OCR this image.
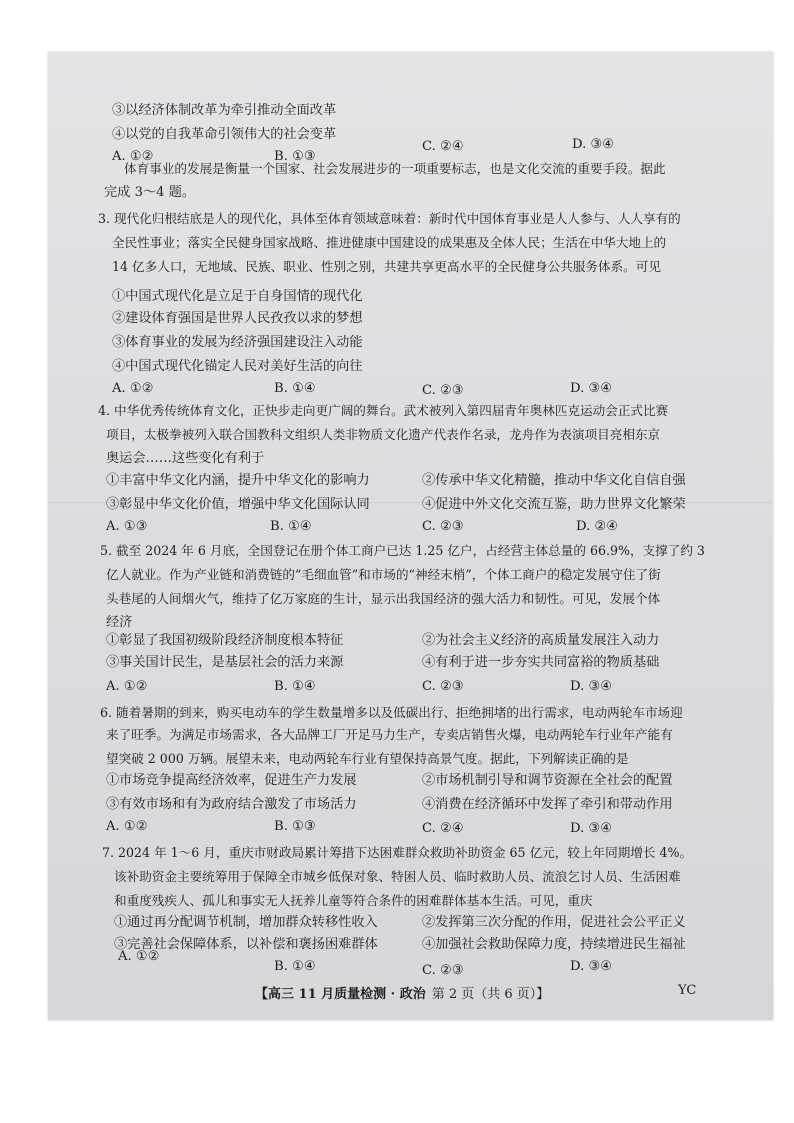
③以经济体制改革为牵引推动全面改革
④以党的自我革命引领伟大的社会变革
A. ①②	B. ①③
C. ②④	D. ③④
体育事业的发展是衡量一个国家、社会发展进步的一项重要标志，也是文化交流的重要手段。据此
完成 3～4 题。
3. 现代化归根结底是人的现代化，具体至体育领域意味着：新时代中国体育事业是人人参与、人人享有的
全民性事业；落实全民健身国家战略、推进健康中国建设的成果惠及全体人民；生活在中华大地上的
14 亿多人口，无地域、民族、职业、性别之别，共建共享更高水平的全民健身公共服务体系。可见
①中国式现代化是立足于自身国情的现代化
②建设体育强国是世界人民孜孜以求的梦想
③体育事业的发展为经济强国建设注入动能
④中国式现代化锚定人民对美好生活的向往
A. ①②	B. ①④	C. ②③	D. ③④
4. 中华优秀传统体育文化，正快步走向更广阔的舞台。武术被列入第四届青年奥林匹克运动会正式比赛
项目，太极拳被列入联合国教科文组织人类非物质文化遗产代表作名录，龙舟作为表演项目亮相东京
奥运会……这些变化有利于
①丰富中华文化内涵，提升中华文化的影响力	②传承中华文化精髓，推动中华文化自信自强
③彰显中华文化价值，增强中华文化国际认同	④促进中外文化交流互鉴，助力世界文化繁荣
A. ①③	B. ①④	C. ②③	D. ②④
5. 截至 2024 年 6 月底，全国登记在册个体工商户已达 1.25 亿户，占经营主体总量的 66.9%，支撑了约 3
亿人就业。作为产业链和消费链的“毛细血管”和市场的“神经末梢”，个体工商户的稳定发展守住了街
头巷尾的人间烟火气，维持了亿万家庭的生计，显示出我国经济的强大活力和韧性。可见，发展个体
经济
①彰显了我国初级阶段经济制度根本特征	②为社会主义经济的高质量发展注入动力
③事关国计民生，是基层社会的活力来源	④有利于进一步夯实共同富裕的物质基础
A. ①②	B. ①④	C. ②③	D. ③④
6. 随着暑期的到来，购买电动车的学生数量增多以及低碳出行、拒绝拥堵的出行需求，电动两轮车市场迎
来了旺季。为满足市场需求，各大品牌工厂开足马力生产，专卖店销售火爆，电动两轮车行业年产能有
望突破 2 000 万辆。展望未来，电动两轮车行业有望保持高景气度。据此，下列解读正确的是
①市场竞争提高经济效率，促进生产力发展	②市场机制引导和调节资源在全社会的配置
③有效市场和有为政府结合激发了市场活力	④消费在经济循环中发挥了牵引和带动作用
A. ①②	B. ①③	C. ②④	D. ③④
7. 2024 年 1～6 月，重庆市财政局累计筹措下达困难群众救助补助资金 65 亿元，较上年同期增长 4%。
该补助资金主要统筹用于保障全市城乡低保对象、特困人员、临时救助人员、流浪乞讨人员、生活困难
和重度残疾人、孤儿和事实无人抚养儿童等符合条件的困难群体基本生活。可见，重庆
①通过再分配调节机制，增加群众转移性收入	②发挥第三次分配的作用，促进社会公平正义
③完善社会保障体系，以补偿和褒扬困难群体	④加强社会救助保障力度，持续增进民生福祉
A. ①②
B. ①④	C. ②③	D. ③④
【高三 11 月质量检测 · 政治 第 2 页（共 6 页）】	YC
